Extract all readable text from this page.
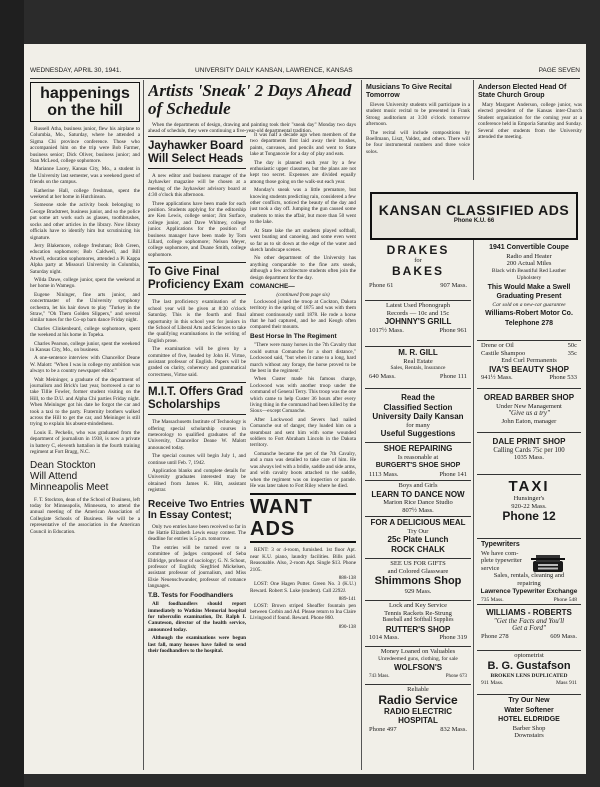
WEDNESDAY, APRIL 30, 1941.	UNIVERSITY DAILY KANSAN, LAWRENCE, KANSAS	PAGE SEVEN
happenings
on the hill

Russell Atha, business junior, flew his airplane to Columbia, Mo., Saturday, where he attended a Sigma Chi province conference. Those who accompanied him on the trip were Bob Farmer, business senior; Dick Oliver, business junior; and Stan McLeod, college sophomore.

Marianne Lacey, Kansas City, Mo., a student in the University last semester, was a weekend guest of friends on the campus.

Katherine Hall, college freshman, spent the weekend at her home in Hutchinson.

Someone stole the activity book belonging to George Bradstreet, business junior, and so the police put some art work such as glasses, toothbrushes, socks and other articles in the library. Now library officials have to identify him but scrutinizing his signature.

Jerry Blakemore, college freshman; Bob Green, education sophomore; Bob Caldwell, and Bill Atwell, education sophomores, attended a Pi Kappa Alpha party at Missouri University in Columbia, Saturday night.

Wilda Dawe, college junior, spent the weekend at her home in Wamego.

Eugene Nininger, fine arts junior, and concertmaster of the University symphony orchestra, let his hair down to play "Turkey in the Straw," "Oh Them Golden Slippers," and several similar tunes for the Co-op barn dance Friday night.

Charles Clinkenbeard, college sophomore, spent the weekend at his home in Topeka.

Charles Pearson, college junior, spent the weekend in Kansas City, Mo., on business.

A one-sentence interview with Chancellor Deane W. Malott: "When I was in college my ambition was always to be a country newspaper editor."

Walt Meininger, a graduate of the department of journalism and Brick's last year, borrowed a car to take Tillie Fowler, former student visiting on the Hill, to the D.U. and Alpha Chi parties Friday night. When Meininger got his date he forgot the car and took a taxi to the party. Fraternity brothers walked across the Hill to get the car, and Meininger is still trying to explain his absent-mindedness.

Louis E. Peckelis, who was graduated from the department of journalism in 1938, is now a private in battery C, eleventh battalion in the fourth training regiment at Fort Bragg, N.C.

Dean Stockton
Will Attend
Minneapolis Meet

F. T. Stockton, dean of the School of Business, left today for Minneapolis, Minnesota, to attend the annual meeting of the American Association of Collegiate Schools of Business. He will be a representative of the association in the American Council in Education.

Artists 'Sneak' 2 Days Ahead of Schedule

When the departments of design, drawing and painting took their "sneak day" Monday two days ahead of schedule, they were continuing a five-year-old departmental tradition.

Jayhawker Board Will Select Heads

A new editor and business manager of the Jayhawker magazine will be chosen at a meeting of the Jayhawker advisory board at 4:30 o'clock this afternoon.

Three applications have been made for each position. Students applying for the editorship are Ken Lewis, college senior; Jim Surface, college junior, and Dave Whitney, college junior. Applications for the position of business manager have been made by Tom Lillard, college sophomore; Nelson Meyer, college sophomore, and Duane Smith, college sophomore.

To Give Final Proficiency Exam

The last proficiency examination of the school year will be given at 8:30 o'clock Saturday. This is the fourth and final opportunity in this school year for juniors in the School of Liberal Arts and Sciences to take the qualifying examinations in the writing of English prose.

The examination will be given by a committee of five, headed by John H. Virtue, assistant professor of English. Papers will be graded on clarity, coherency and grammatical correctness, Virtue said.

M.I.T. Offers Grad Scholarships

The Massachusetts Institute of Technology is offering special scholarship courses in meteorology to qualified graduates of the University, Chancellor Deane W. Malott announced today.

The special courses will begin July 1, and continue until Feb. 7, 1942.

Application blanks and complete details for University graduates interested may be obtained from James K. Hitt, assistant registrar.

Receive Two Entries In Essay Contest;

Only two entries have been received so far in the Hattie Elizabeth Lewis essay contest. The deadline for entries is 5 p.m. tomorrow.

The entries will be turned over to a committee of judges composed of Seba Eldridge, professor of sociology; G. N. Schout, professor of English; Siegfried Mickelsen, assistant professor of journalism, and Miss Elsie Neuenschwander, professor of romance languages.

T.B. Tests for Foodhandlers

All foodhandlers should report immediately to Watkins Memorial hospital for tuberculin examination, Dr. Ralph I. Canuteson, director of the health service, announced today.

Although the examinations were begun last fall, many houses have failed to send their foodhandlers to the hospital.

It was half a decade ago when members of the two departments first laid away their brushes, paints, canvases, and pencils and went to State lake at Tonganoxie for a day of play and eats.

The day is planned each year by a few enthusiastic upper classmen, but the plans are not kept too secret. Expenses are divided equally among those going on the walk-out each year.

Monday's sneak was a little premature, but knowing students predicting rain, considered a few other conflicts, noticed the beauty of the day and just took a day off. Jumping the gun caused some students to miss the affair, but more than 50 went to the lake.

At State lake the art students played softball, went boating and canoeing, and some even went so far as to sit down at the edge of the water and sketch landscape scenes.

No other department of the University has anything comparable to the fine arts sneak, although a few architecture students often join the design department for the day.

COMANCHE—
(continued from page six)

Lockwood joined the troop at Cockton, Dakota territory in the spring of 1875 and was with them almost continuously until 1878. He rode a horse that he had captured, and he and Keogh often compared their mounts.

Best Horse In The Regiment

"There were many horses in the 7th Cavalry that could outrun Comanche for a short distance," Lockwood said, "but when it came to a long, hard march without any forage, the horse proved to be the best in the regiment."

When Custer made his famous charge, Lockwood was with another troop under the command of General Terry. This troop was the one which came to help Custer 36 hours after every living thing in the command had been killed by the Sioux—except Comanche.

After Lockwood and Severs had nailed Comanche out of danger, they loaded him on a steamboat and sent him with some wounded soldiers to Fort Abraham Lincoln in the Dakota territory.

Comanche became the pet of the 7th Cavalry, and a man was detailed to take care of him. He was always led with a bridle, saddle and side arms, and with cavalry boots attached to the saddle, when the regiment was on inspection or parade. He was later taken to Fort Riley where he died.

WANT ADS

RENT: 3 or 4-room, furnished. 1st floor Apt. near K.U. piano, laundry facilities. Bills paid. Reasonable. Also, 2-room Apt. Single $13. Phone 2105.

888-138

LOST: One Hagen Putter. Green No. 3 (K.U.) Reward. Robert S. Luke (student). Call 2292J.

889-141

LOST: Brown striped Sheaffer fountain pen between Corbin and Ad. Please return to Ina Claire Livingood if found. Reward. Phone 860.

890-138
Musicians To Give Recital Tomorrow

Eleven University students will participate in a student music recital to be presented in Frank Strong auditorium at 3:30 o'clock tomorrow afternoon.

The recital will include compositions by Boellmann, Liszt, Valdez, and others. There will be four instrumental numbers and three voice solos.

Anderson Elected Head Of State Church Group

Mary Margaret Anderson, college junior, was elected president of the Kansas inter-Church Student organization for the coming year at a conference held in Emporia Saturday and Sunday. Several other students from the University attended the meeting.

KANSAN CLASSIFIED ADS
Phone K.U. 66
DRAKES
for
BAKES
Phone 61	907 Mass.
Latest Used Phonograph
Records — 10c and 15c
JOHNNY'S GRILL
1017½ Mass.	Phone 961
M. R. GILL
Real Estate
Sales, Rentals, Insurance
640 Mass.	Phone 111
Read the
Classified Section
University Daily Kansan
for many
Useful Suggestions
SHOE REPAIRING
Is reasonable at
BURGERT'S SHOE SHOP
1113 Mass.	Phone 141
Boys and Girls
LEARN TO DANCE NOW
Marion Rice Dance Studio
807½ Mass.
FOR A DELICIOUS MEAL
Try Our
25c Plate Lunch
ROCK CHALK
SEE US FOR GIFTS
and Colored Glassware
Shimmons Shop
929 Mass.
Lock and Key Service
Tennis Rackets Re-Strung
Baseball and Softball Supplies
RUTTER'S SHOP
1014 Mass.	Phone 319
Money Loaned on Valuables
Unredeemed guns, clothing, for sale
WOLFSON'S
743 Mass.	Phone 673
Reliable
Radio Service
RADIO ELECTRIC
HOSPITAL
Phone 497	832 Mass.
1941 Convertible Coupe
Radio and Heater
200 Actual Miles
Black with Beautiful Red Leather
Upholstery
This Would Make a Swell
Graduating Present
Car sold on a new-car guarantee
Williams-Robert Motor Co.
Telephone 278
Drene or Oil	50c
Castile Shampoo	35c
End Curl Permanents
IVA'S BEAUTY SHOP
941½ Mass.	Phone 533
OREAD BARBER SHOP
Under New Management
"Give us a try"
John Eaton, manager
DALE PRINT SHOP
Calling Cards 75c per 100
1035 Mass.
TAXI
Hunsinger's
920-22 Mass.
Phone 12
Typewriters
We have com-
plete typewriter
service
Sales, rentals, cleaning and
repairing
Lawrence Typewriter Exchange
735 Mass.	Phone 548
WILLIAMS - ROBERTS
"Get the Facts and You'll
Get a Ford"
Phone 278	609 Mass.
optometrist
B. G. Gustafson
BROKEN LENS DUPLICATED
911 Mass.	Mass 911
Try Our New
Water Softener
HOTEL ELDRIDGE
Barber Shop
Downstairs
